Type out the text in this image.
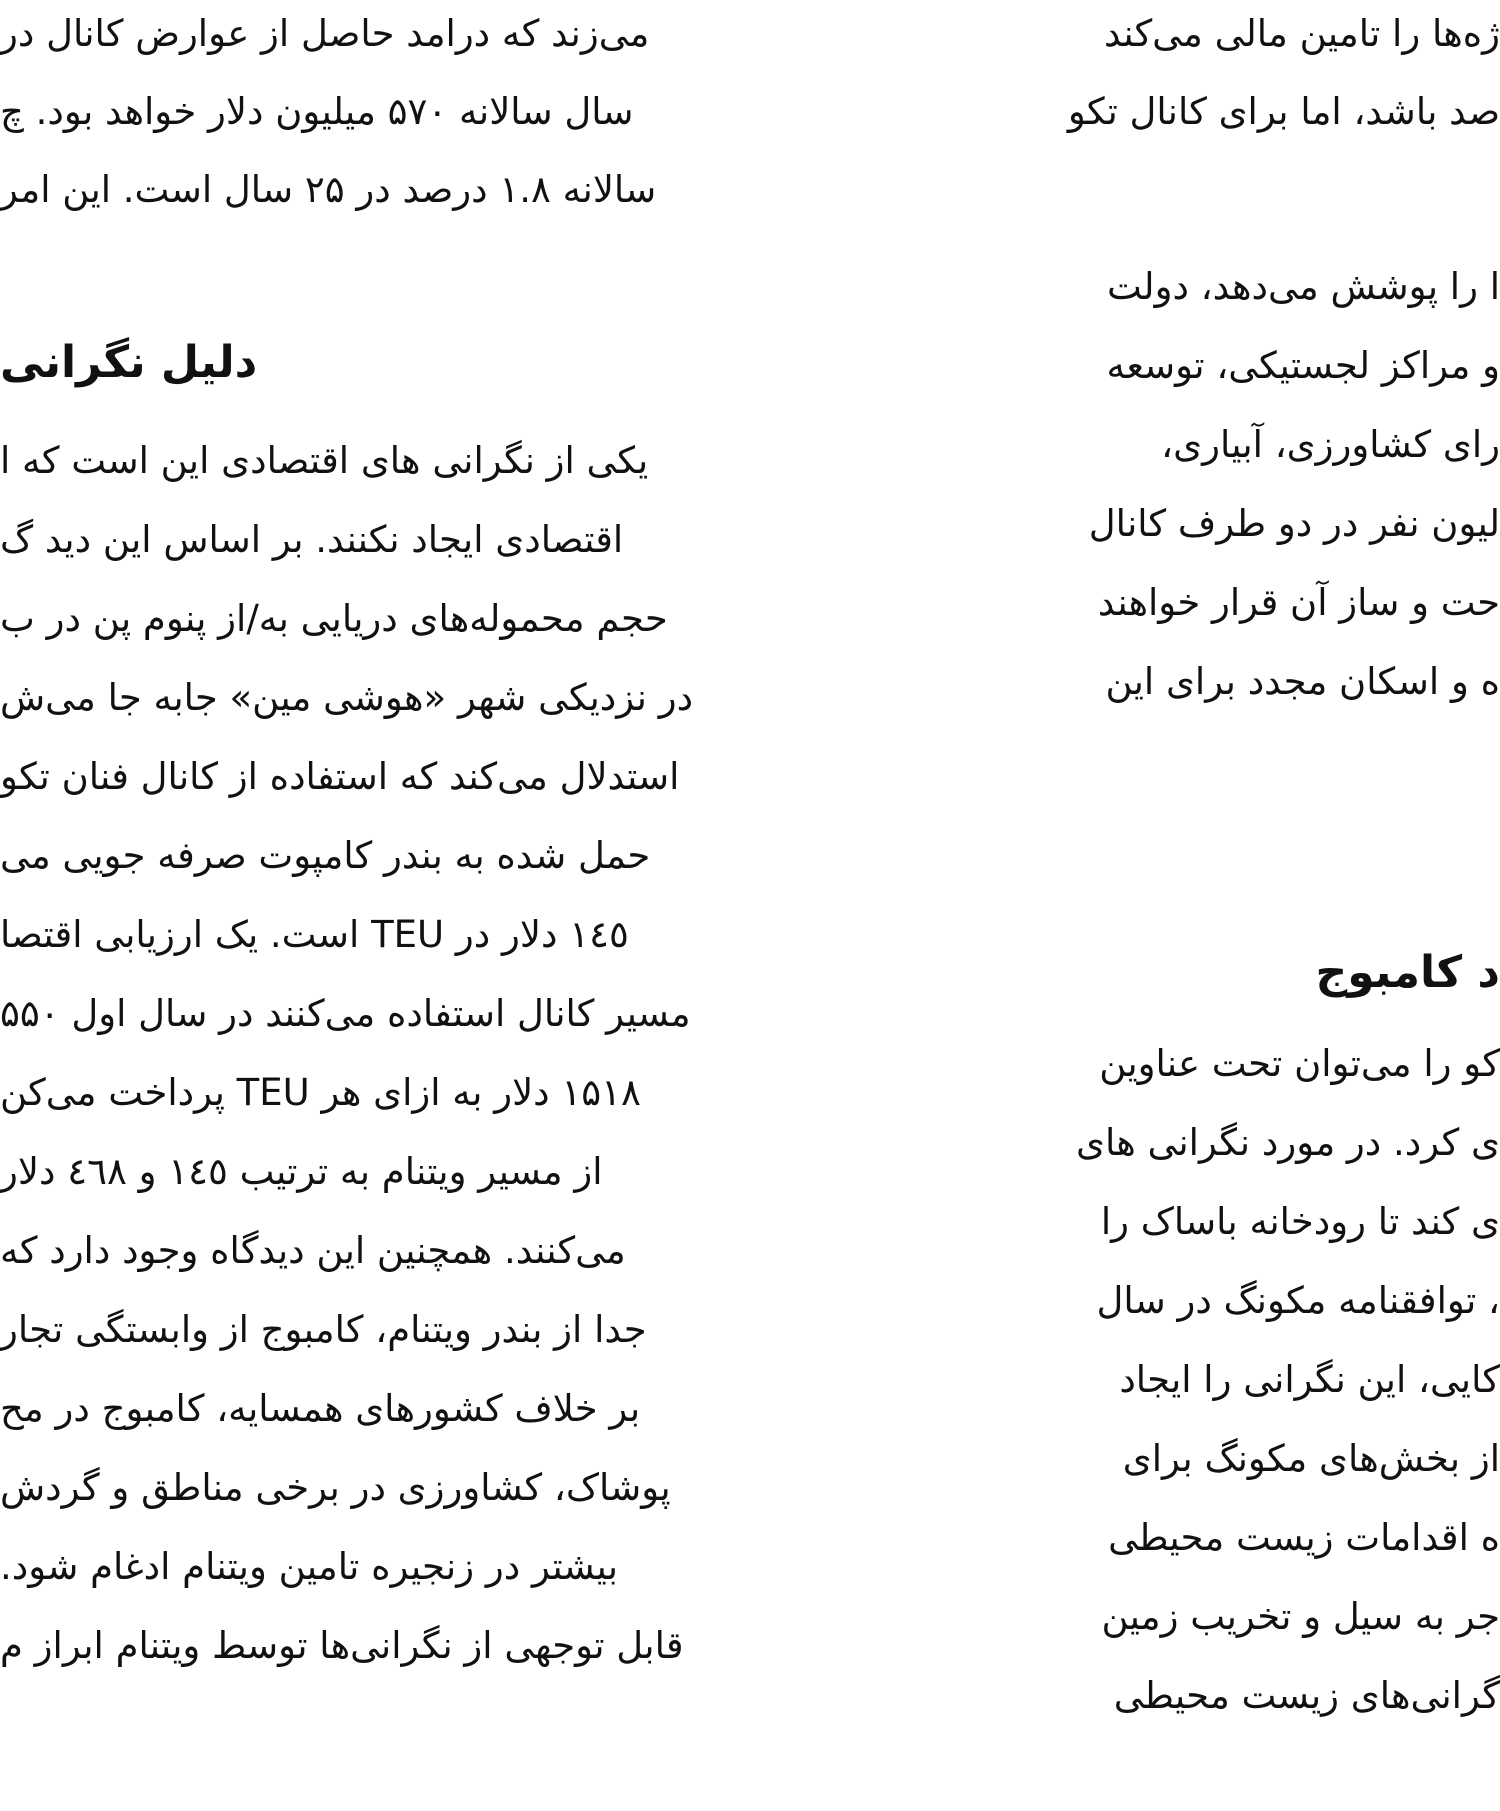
می‌زند که درامد حاصل از عوارض کانال در
سال سالانه ۵۷۰ میلیون دلار خواهد بود. چ
سالانه ۱.۸ درصد در ۲۵ سال است. این امر
دلیل نگرانی
یکی از نگرانی های اقتصادی این است که ا
اقتصادی ایجاد نکنند. بر اساس این دید گ
حجم محموله‌های دریایی به/از پنوم پن در ب
در نزدیکی شهر «هوشی مین» جابه جا می‌ش
استدلال می‌کند که استفاده از کانال فنان تکو
حمل شده به بندر کامپوت صرفه جویی می
۱٤٥ دلار در TEU است. یک ارزیابی اقتصا
مسیر کانال استفاده می‌کنند در سال اول ۵۵۰
۱۵۱۸ دلار به ازای هر TEU پرداخت می‌کن
از مسیر ویتنام به ترتیب ۱٤٥ و ٤٦۸ دلار
می‌کنند. همچنین این دیدگاه وجود دارد که
جدا از بندر ویتنام، کامبوج از وابستگی تجار
بر خلاف کشورهای همسایه، کامبوج در مح
پوشاک، کشاورزی در برخی مناطق و گردش
بیشتر در زنجیره تامین ویتنام ادغام شود.
قابل توجهی از نگرانی‌ها توسط ویتنام ابراز م
ژه‌ها را تامین مالی می‌کند
صد باشد، اما برای کانال تکو
ا را پوشش می‌دهد، دولت
و مراکز لجستیکی، توسعه
رای کشاورزی، آبیاری،
لیون نفر در دو طرف کانال
حت و ساز آن قرار خواهند
ه و اسکان مجدد برای این
د کامبوج
کو را می‌توان تحت عناوین
ی کرد. در مورد نگرانی های
ی کند تا رودخانه باساک را
، توافقنامه مکونگ در سال
کایی، این نگرانی را ایجاد
از بخش‌های مکونگ برای
ه اقدامات زیست محیطی
جر به سیل و تخریب زمین
گرانی‌های زیست محیطی
